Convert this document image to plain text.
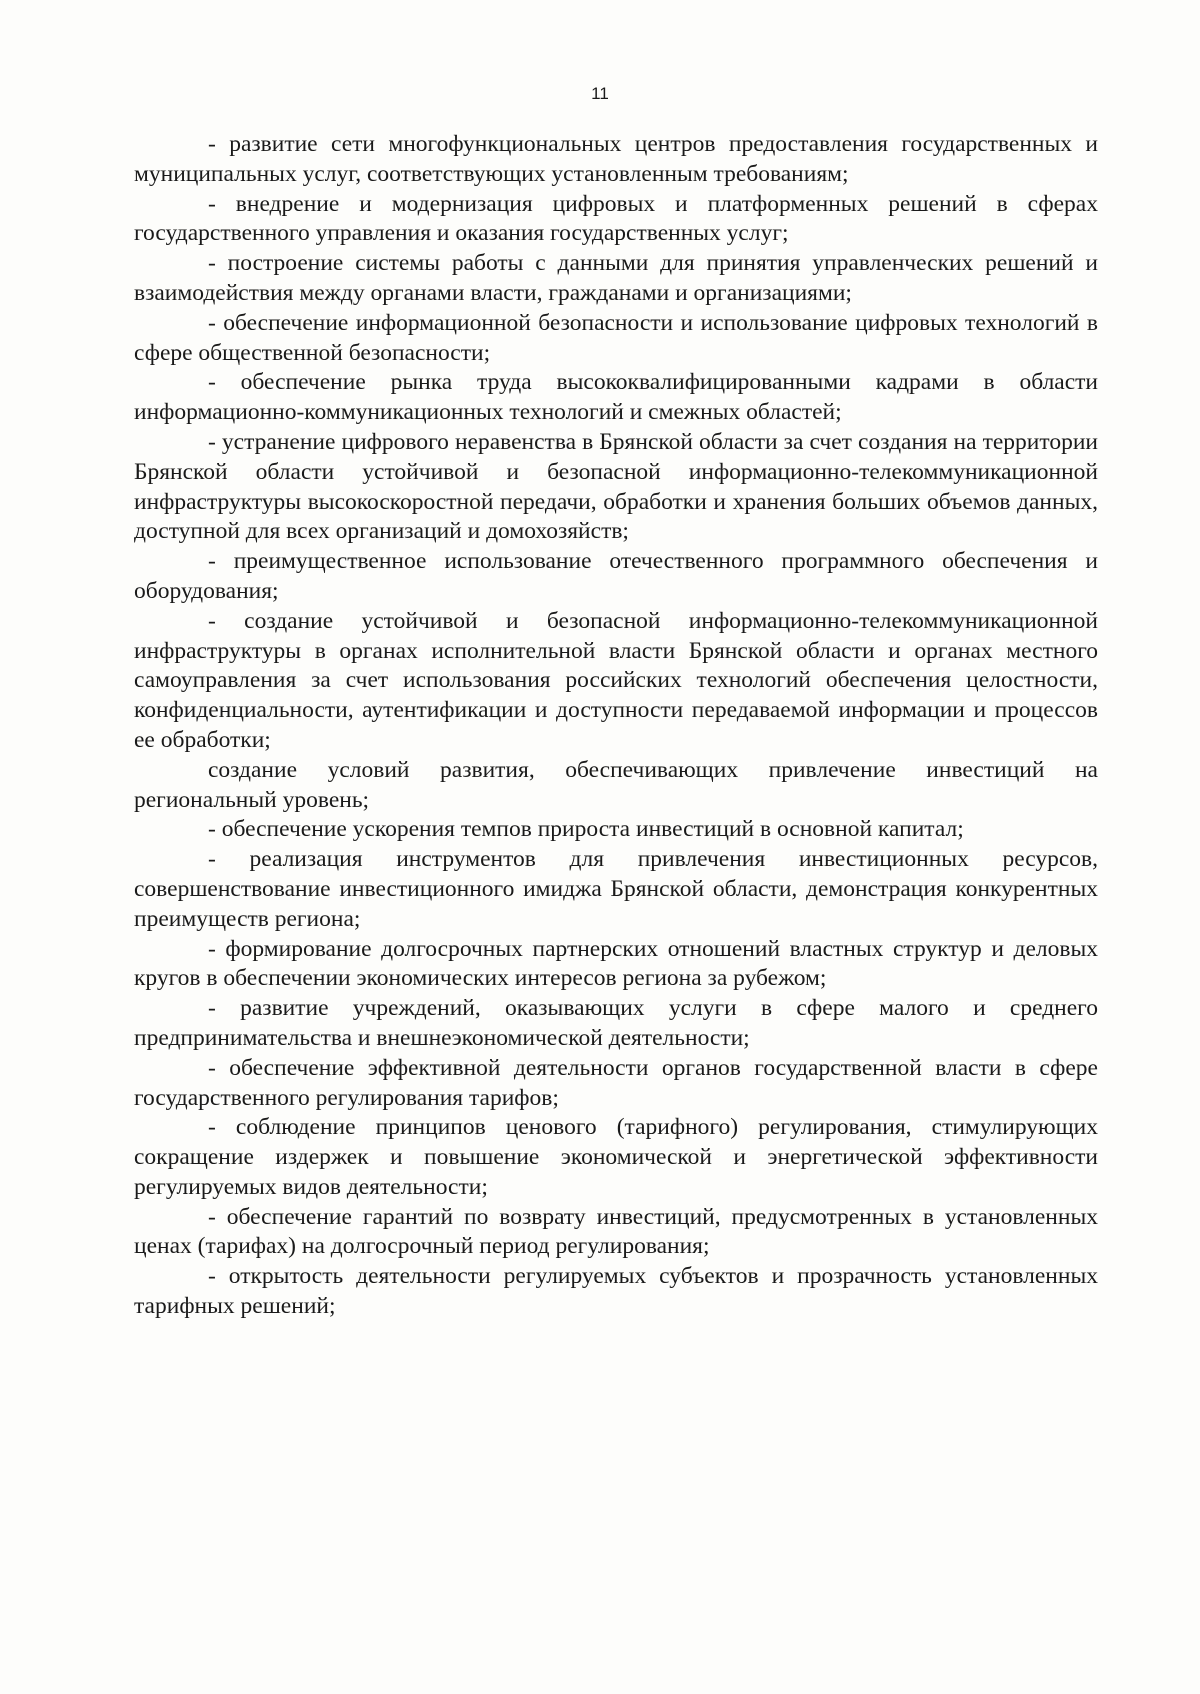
11

- развитие сети многофункциональных центров предоставления государственных и муниципальных услуг, соответствующих установленным требованиям;

- внедрение и модернизация цифровых и платформенных решений в сферах государственного управления и оказания государственных услуг;

- построение системы работы с данными для принятия управленческих решений и взаимодействия между органами власти, гражданами и организациями;

- обеспечение информационной безопасности и использование цифровых технологий в сфере общественной безопасности;

- обеспечение рынка труда высококвалифицированными кадрами в области информационно-коммуникационных технологий и смежных областей;

- устранение цифрового неравенства в Брянской области за счет создания на территории Брянской области устойчивой и безопасной информационно-телекоммуникационной инфраструктуры высокоскоростной передачи, обработки и хранения больших объемов данных, доступной для всех организаций и домохозяйств;

- преимущественное использование отечественного программного обеспечения и оборудования;

- создание устойчивой и безопасной информационно-телекоммуникационной инфраструктуры в органах исполнительной власти Брянской области и органах местного самоуправления за счет использования российских технологий обеспечения целостности, конфиденциальности, аутентификации и доступности передаваемой информации и процессов ее обработки;

создание условий развития, обеспечивающих привлечение инвестиций на региональный уровень;

- обеспечение ускорения темпов прироста инвестиций в основной капитал;

- реализация инструментов для привлечения инвестиционных ресурсов, совершенствование инвестиционного имиджа Брянской области, демонстрация конкурентных преимуществ региона;

- формирование долгосрочных партнерских отношений властных структур и деловых кругов в обеспечении экономических интересов региона за рубежом;

- развитие учреждений, оказывающих услуги в сфере малого и среднего предпринимательства и внешнеэкономической деятельности;

- обеспечение эффективной деятельности органов государственной власти в сфере государственного регулирования тарифов;

- соблюдение принципов ценового (тарифного) регулирования, стимулирующих сокращение издержек и повышение экономической и энергетической эффективности регулируемых видов деятельности;

- обеспечение гарантий по возврату инвестиций, предусмотренных в установленных ценах (тарифах) на долгосрочный период регулирования;

- открытость деятельности регулируемых субъектов и прозрачность установленных тарифных решений;
